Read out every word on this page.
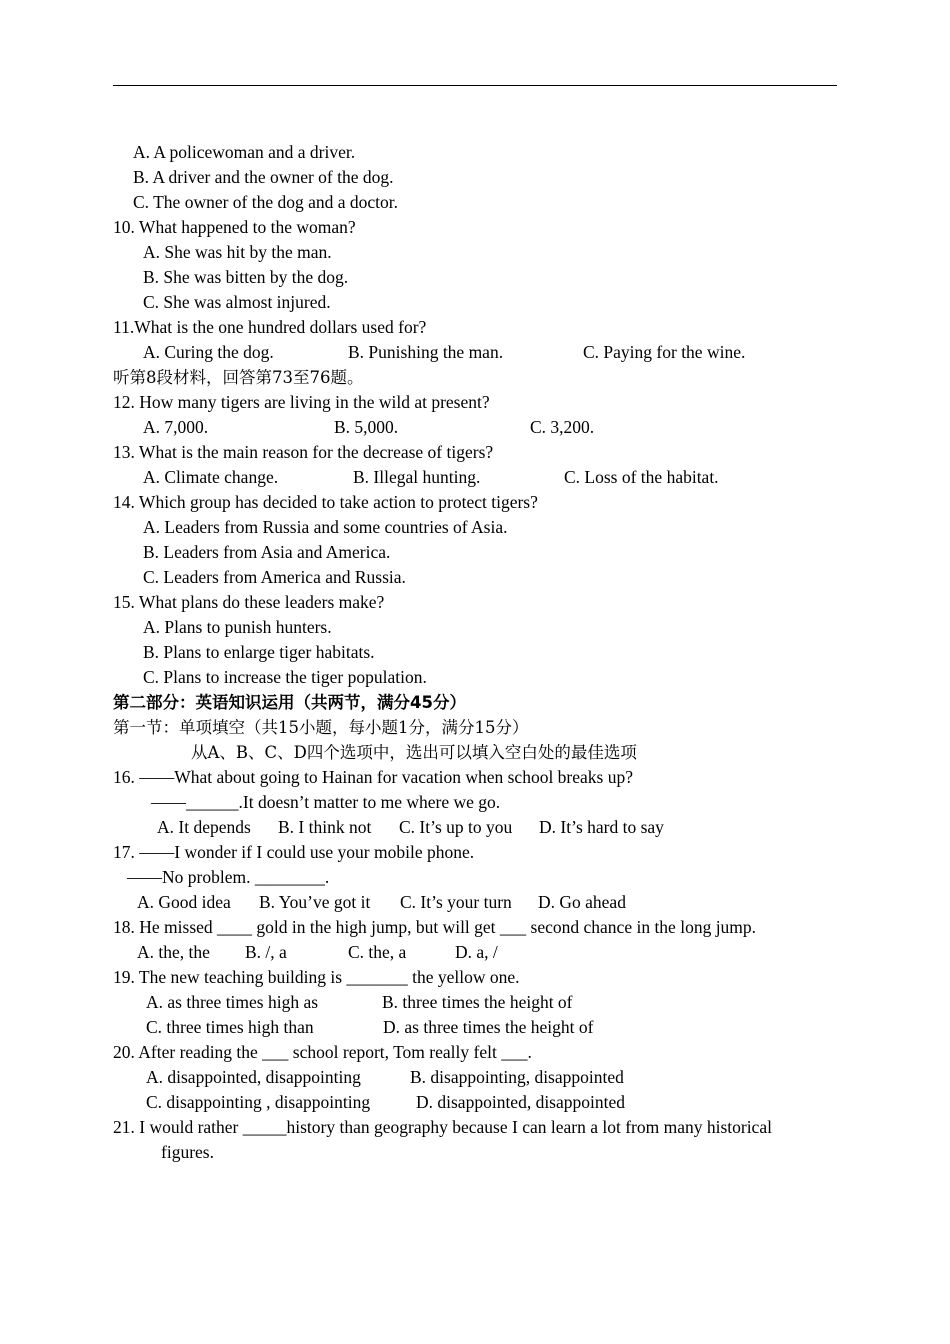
A. A policewoman and a driver.
B. A driver and the owner of the dog.
C. The owner of the dog and a doctor.
10. What happened to the woman?
A. She was hit by the man.
B. She was bitten by the dog.
C. She was almost injured.
11.What is the one hundred dollars used for?
A. Curing the dog.	B. Punishing the man.	C. Paying for the wine.
听第8段材料，回答第73至76题。
12. How many tigers are living in the wild at present?
A. 7,000.	B. 5,000.	C. 3,200.
13. What is the main reason for the decrease of tigers?
A. Climate change.	B. Illegal hunting.	C. Loss of the habitat.
14. Which group has decided to take action to protect tigers?
A. Leaders from Russia and some countries of Asia.
B. Leaders from Asia and America.
C. Leaders from America and Russia.
15. What plans do these leaders make?
A. Plans to punish hunters.
B. Plans to enlarge tiger habitats.
C. Plans to increase the tiger population.
第二部分：英语知识运用（共两节，满分45分）
第一节：单项填空（共15小题，每小题1分，满分15分）
从A、B、C、D四个选项中，选出可以填入空白处的最佳选项
16. ——What about going to Hainan for vacation when school breaks up?
——______.It doesn’t matter to me where we go.
A. It depends B. I think not C. It’s up to you D. It’s hard to say
17. ——I wonder if I could use your mobile phone.
——No problem. ________.
A. Good idea B. You’ve got it C. It’s your turn D. Go ahead
18. He missed ____ gold in the high jump, but will get ___ second chance in the long jump.
A. the, the B. /, a	C. the, a	D. a, /
19. The new teaching building is _______ the yellow one.
A. as three times high as	B. three times the height of
C. three times high than	D. as three times the height of
20. After reading the ___ school report, Tom really felt ___.
A. disappointed, disappointing	B. disappointing, disappointed
C. disappointing , disappointing	D. disappointed, disappointed
21. I would rather _____history than geography because I can learn a lot from many historical
figures.
